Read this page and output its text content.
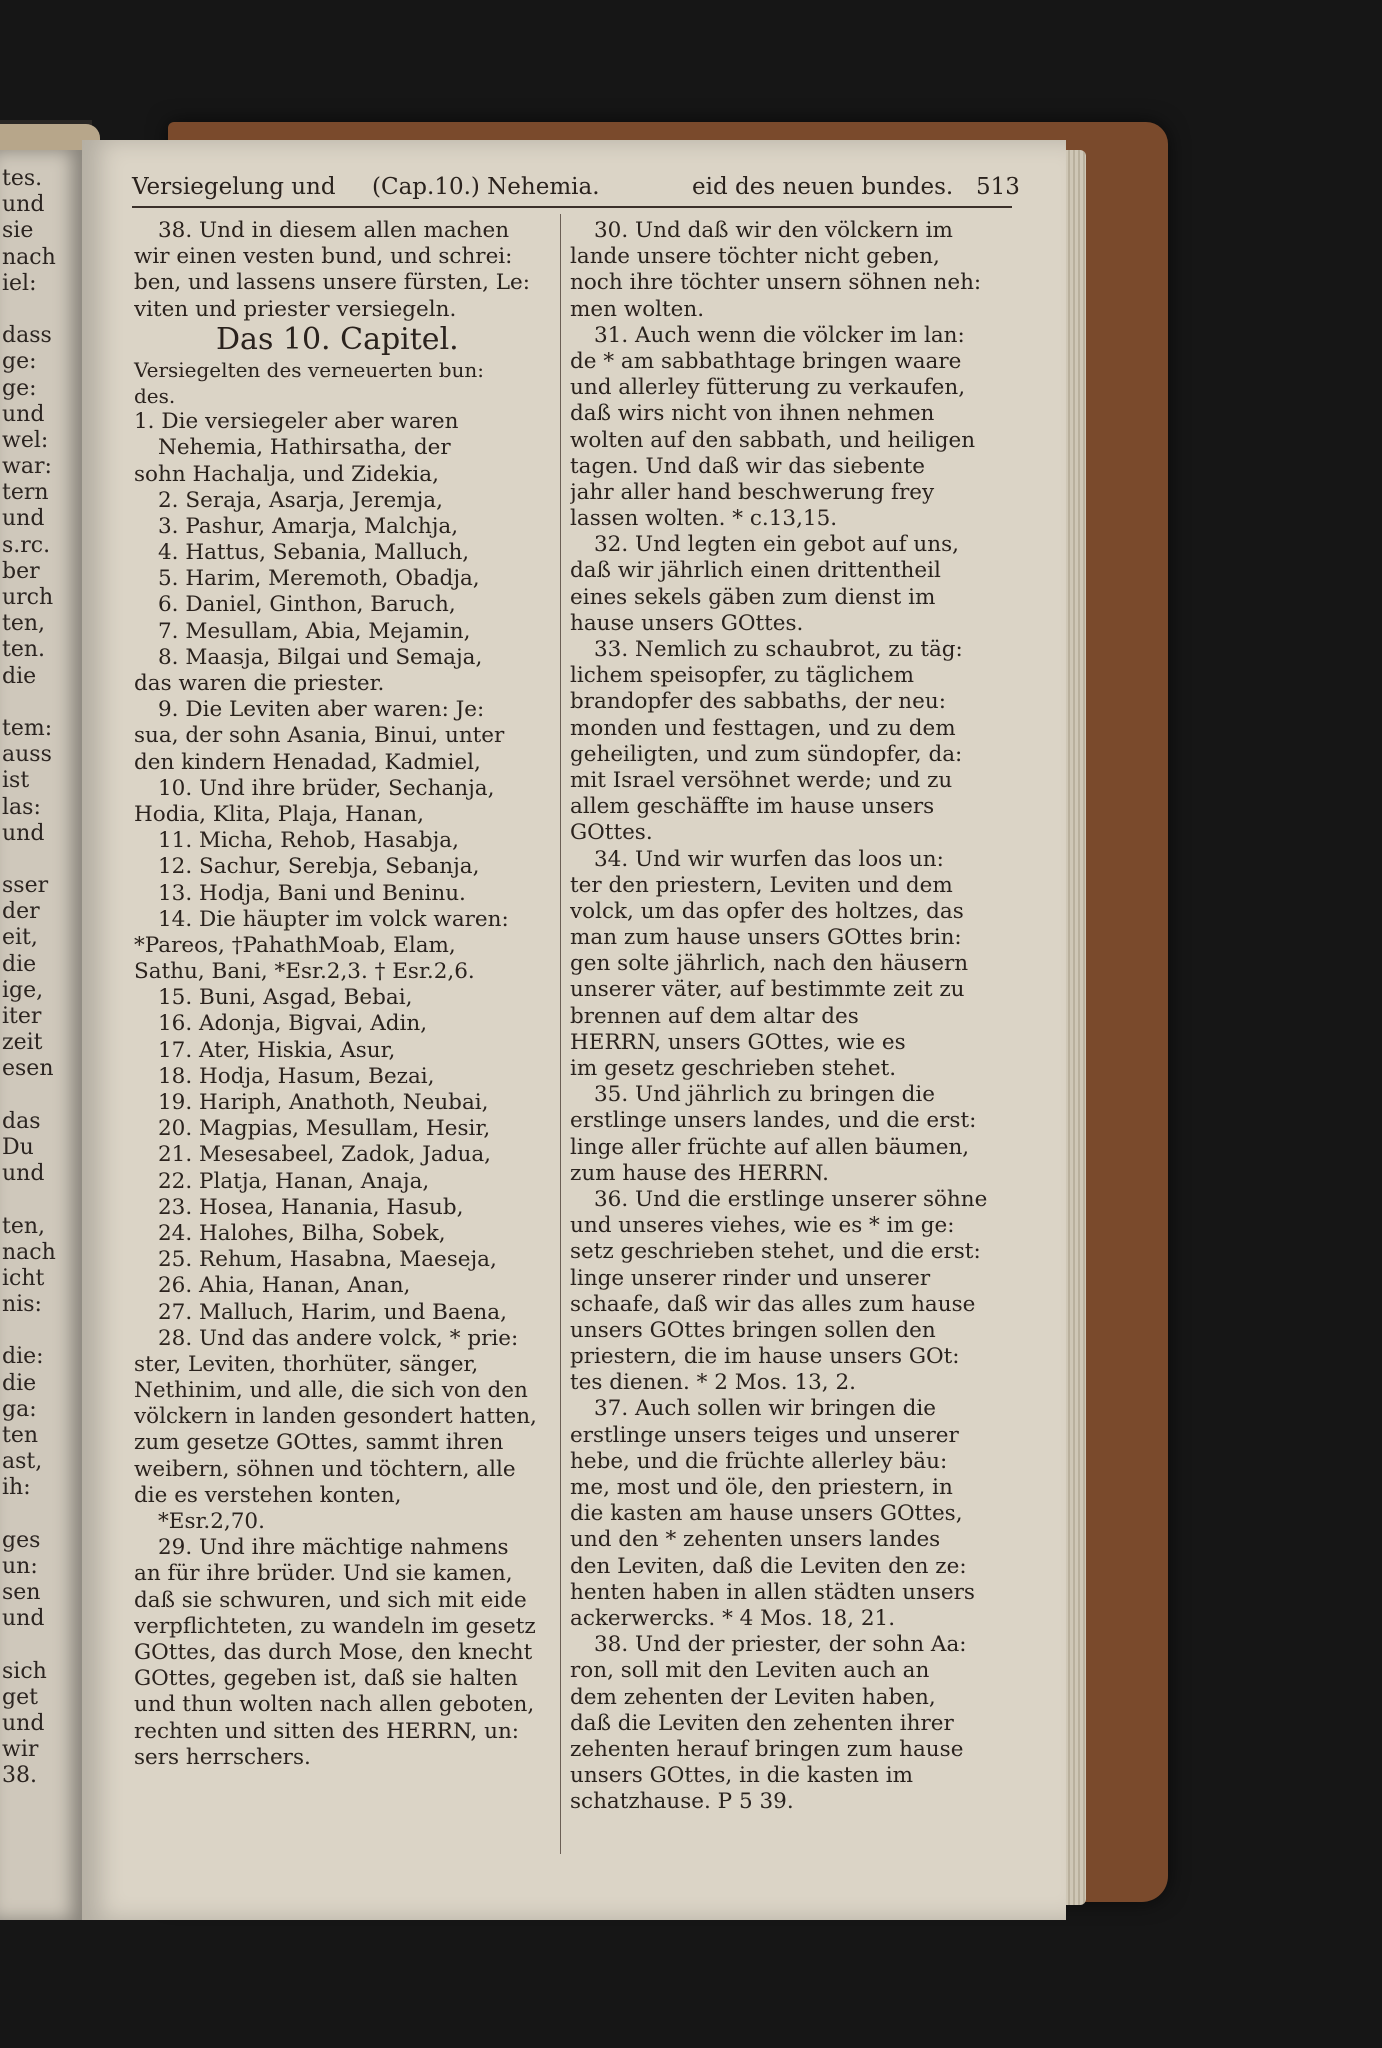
tes.
und
sie
nach
iel:
dass
ge:
ge:
und
wel:
war:
tern
und
s.rc.
ber
urch
ten,
ten.
die
tem:
auss
ist
las:
und
sser
der
eit,
die
ige,
iter
zeit
esen
das
Du
und
ten,
nach
icht
nis:
die:
die
ga:
ten
ast,
ih:
ges
un:
sen
und
sich
get
und
wir
38.
Versiegelung und (Cap.10.) Nehemia.	eid des neuen bundes. 513
38. Und in diesem allen machen
wir einen vesten bund, und schrei:
ben, und lassens unsere fürsten, Le:
viten und priester versiegeln.
Das 10. Capitel.
Versiegelten des verneuerten bun:
des.
1. Die versiegeler aber waren
Nehemia, Hathirsatha, der
sohn Hachalja, und Zidekia,
2. Seraja, Asarja, Jeremja,
3. Pashur, Amarja, Malchja,
4. Hattus, Sebania, Malluch,
5. Harim, Meremoth, Obadja,
6. Daniel, Ginthon, Baruch,
7. Mesullam, Abia, Mejamin,
8. Maasja, Bilgai und Semaja,
das waren die priester.
9. Die Leviten aber waren: Je:
sua, der sohn Asania, Binui, unter
den kindern Henadad, Kadmiel,
10. Und ihre brüder, Sechanja,
Hodia, Klita, Plaja, Hanan,
11. Micha, Rehob, Hasabja,
12. Sachur, Serebja, Sebanja,
13. Hodja, Bani und Beninu.
14. Die häupter im volck waren:
*Pareos, †PahathMoab, Elam,
Sathu, Bani, *Esr.2,3. † Esr.2,6.
15. Buni, Asgad, Bebai,
16. Adonja, Bigvai, Adin,
17. Ater, Hiskia, Asur,
18. Hodja, Hasum, Bezai,
19. Hariph, Anathoth, Neubai,
20. Magpias, Mesullam, Hesir,
21. Mesesabeel, Zadok, Jadua,
22. Platja, Hanan, Anaja,
23. Hosea, Hanania, Hasub,
24. Halohes, Bilha, Sobek,
25. Rehum, Hasabna, Maeseja,
26. Ahia, Hanan, Anan,
27. Malluch, Harim, und Baena,
28. Und das andere volck, * prie:
ster, Leviten, thorhüter, sänger,
Nethinim, und alle, die sich von den
völckern in landen gesondert hatten,
zum gesetze GOttes, sammt ihren
weibern, söhnen und töchtern, alle
die es verstehen konten,
*Esr.2,70.
29. Und ihre mächtige nahmens
an für ihre brüder. Und sie kamen,
daß sie schwuren, und sich mit eide
verpflichteten, zu wandeln im gesetz
GOttes, das durch Mose, den knecht
GOttes, gegeben ist, daß sie halten
und thun wolten nach allen geboten,
rechten und sitten des HERRN, un:
sers herrschers.
30. Und daß wir den völckern im
lande unsere töchter nicht geben,
noch ihre töchter unsern söhnen neh:
men wolten.
31. Auch wenn die völcker im lan:
de * am sabbathtage bringen waare
und allerley fütterung zu verkaufen,
daß wirs nicht von ihnen nehmen
wolten auf den sabbath, und heiligen
tagen. Und daß wir das siebente
jahr aller hand beschwerung frey
lassen wolten. * c.13,15.
32. Und legten ein gebot auf uns,
daß wir jährlich einen drittentheil
eines sekels gäben zum dienst im
hause unsers GOttes.
33. Nemlich zu schaubrot, zu täg:
lichem speisopfer, zu täglichem
brandopfer des sabbaths, der neu:
monden und festtagen, und zu dem
geheiligten, und zum sündopfer, da:
mit Israel versöhnet werde; und zu
allem geschäffte im hause unsers
GOttes.
34. Und wir wurfen das loos un:
ter den priestern, Leviten und dem
volck, um das opfer des holtzes, das
man zum hause unsers GOttes brin:
gen solte jährlich, nach den häusern
unserer väter, auf bestimmte zeit zu
brennen auf dem altar des
HERRN, unsers GOttes, wie es
im gesetz geschrieben stehet.
35. Und jährlich zu bringen die
erstlinge unsers landes, und die erst:
linge aller früchte auf allen bäumen,
zum hause des HERRN.
36. Und die erstlinge unserer söhne
und unseres viehes, wie es * im ge:
setz geschrieben stehet, und die erst:
linge unserer rinder und unserer
schaafe, daß wir das alles zum hause
unsers GOttes bringen sollen den
priestern, die im hause unsers GOt:
tes dienen. * 2 Mos. 13, 2.
37. Auch sollen wir bringen die
erstlinge unsers teiges und unserer
hebe, und die früchte allerley bäu:
me, most und öle, den priestern, in
die kasten am hause unsers GOttes,
und den * zehenten unsers landes
den Leviten, daß die Leviten den ze:
henten haben in allen städten unsers
ackerwercks. * 4 Mos. 18, 21.
38. Und der priester, der sohn Aa:
ron, soll mit den Leviten auch an
dem zehenten der Leviten haben,
daß die Leviten den zehenten ihrer
zehenten herauf bringen zum hause
unsers GOttes, in die kasten im
schatzhause. P 5 39.
